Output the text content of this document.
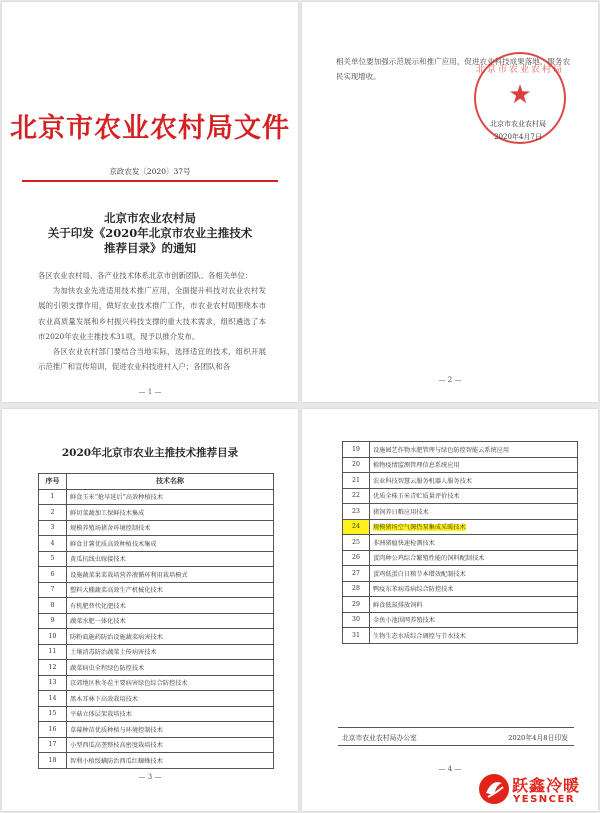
北京市农业农村局文件
京政农发〔2020〕37号
北京市农业农村局
关于印发《2020年北京市农业主推技术
推荐目录》的通知

各区农业农村局、各产业技术体系北京市创新团队、各相关单位：

为加快农业先进适用技术推广应用，全面提升科技对农业农村发展的引领支撑作用，做好农业技术推广工作，市农业农村局围绕本市农业高质量发展和乡村振兴科技支撑的重大技术需求，组织遴选了本市2020年农业主推技术31项，现予以推介发布。

各区农业农村部门要结合当地实际，选择适宜的技术，组织开展示范推广和宣传培训，促进农业科技进村入户；各团队和各

— 1 —

相关单位要加强示范展示和推广应用，促进农业科技成果落地，服务农民实现增收。

北京市农业农村局
★
北京市农业农村局
2020年4月7日
— 2 —
2020年北京市农业主推技术推荐目录
序号	技术名称
1	鲜食玉米“抢早延后”高效种植技术
2	鲜切菜蔬加工保鲜技术集成
3	规模养殖场猪舍环境控制技术
4	鲜食甘薯优质高效种植技术集成
5	黄瓜抗线虫嫁接技术
6	设施蔬菜果菜栽培营养液循环利用栽培模式
7	塑料大棚蔬菜高效生产机械化技术
8	有机肥替代化肥技术
9	蔬菜水肥一体化技术
10	防粉虱施药防治设施蔬菜病害技术
11	土壤消毒防治蔬菜土传病害技术
12	蔬菜病虫全程绿色防控技术
13	京郊地区秋冬茬主要病害绿色综合防控技术
14	黑木耳林下高效栽培技术
15	平菇立体层架栽培技术
16	草莓种苗优质种植与环境控制技术
17	小型西瓜高垄整枝高密度栽培技术
18	智利小植绥螨防治西瓜红蜘蛛技术
— 3 —
19	设施园艺作物水肥管理与绿色防控智能云系统应用
20	植物疫情监测管理信息系统应用
21	农业科技智慧云服务机器人服务技术
22	优质全株玉米青贮质量评价技术
23	猪饲养日粮应用技术
24	规模猪场空气源热泵集成采暖技术
25	非洲猪瘟快速检测技术
26	蛋肉种公鸡综合繁殖性能的饲料配制技术
27	蛋鸡低蛋白日粮节本增效配制技术
28	鸭疫东苯病毒病综合防控技术
29	鲜食低氮排放饲料
30	金鱼小池围网养殖技术
31	生物生态水质综合调控与节水技术
北京市农业农村局办公室	2020年4月8日印发
— 4 —
跃鑫冷暖
YESNCER
